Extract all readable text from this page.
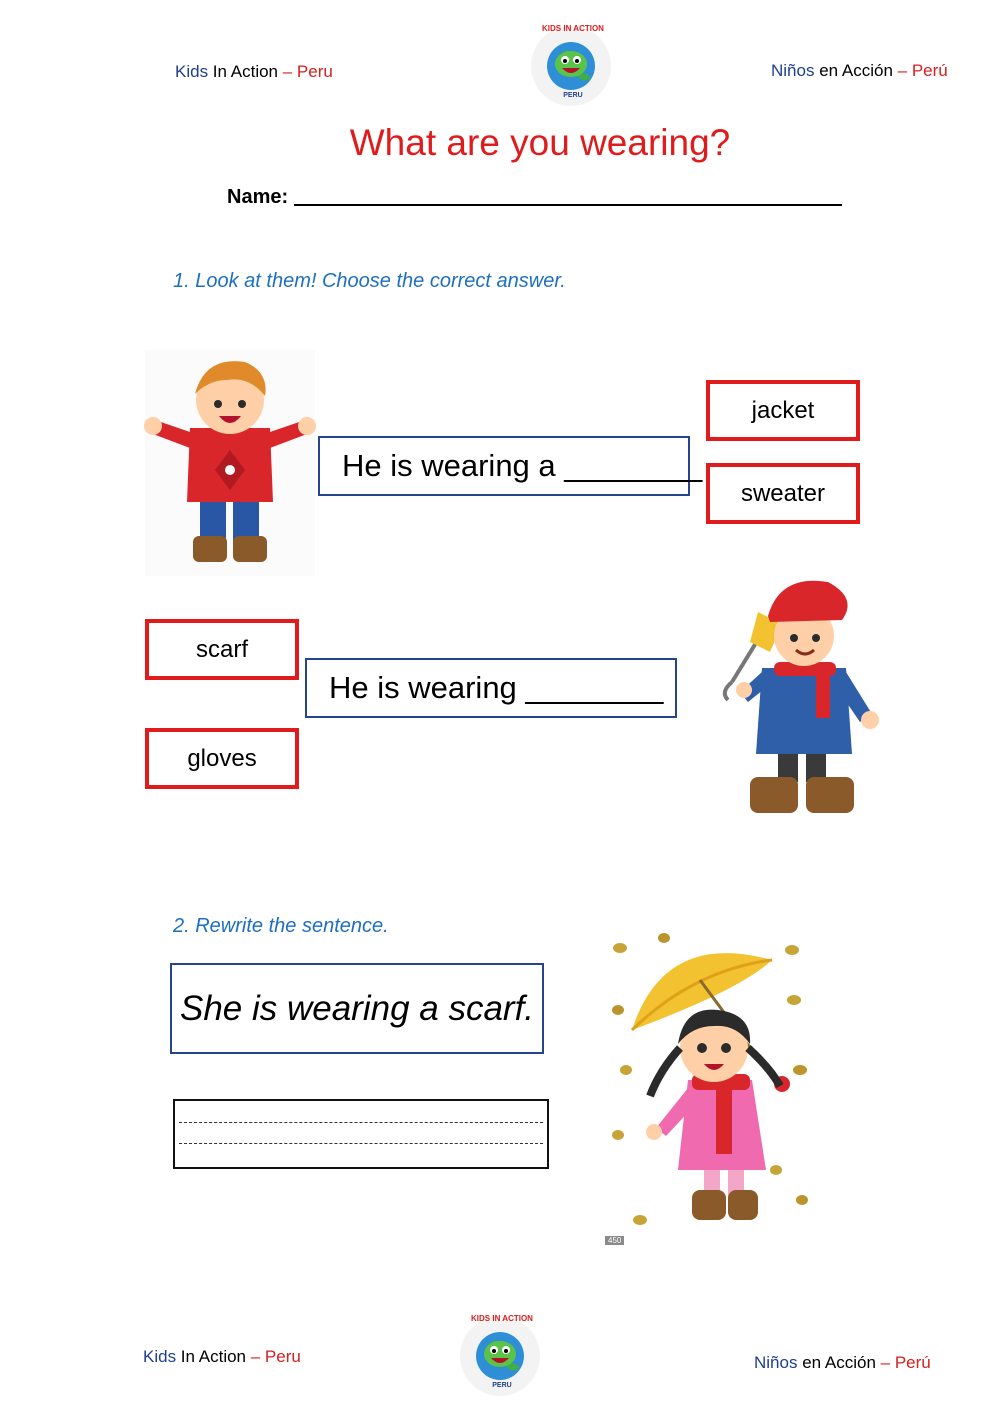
Kids In Action – Peru
KIDS IN ACTION
PERU
Niños en Acción – Perú
What are you wearing?
Name:
1. Look at them! Choose the correct answer.
He is wearing a ________
jacket
sweater
scarf
gloves
He is wearing ________
2. Rewrite the sentence.
She is wearing a scarf.
450
Kids In Action – Peru
KIDS IN ACTION
PERU
Niños en Acción – Perú
